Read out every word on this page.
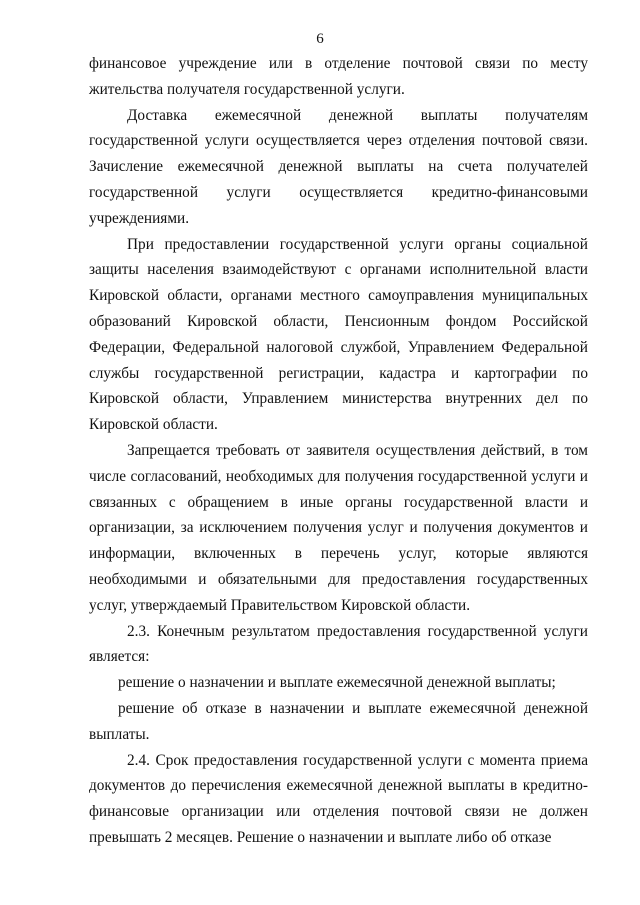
6

финансовое учреждение или в отделение почтовой связи по месту жительства получателя государственной услуги.

Доставка ежемесячной денежной выплаты получателям государственной услуги осуществляется через отделения почтовой связи. Зачисление ежемесячной денежной выплаты на счета получателей государственной услуги осуществляется кредитно-финансовыми учреждениями.

При предоставлении государственной услуги органы социальной защиты населения взаимодействуют с органами исполнительной власти Кировской области, органами местного самоуправления муниципальных образований Кировской области, Пенсионным фондом Российской Федерации, Федеральной налоговой службой, Управлением Федеральной службы государственной регистрации, кадастра и картографии по Кировской области, Управлением министерства внутренних дел по Кировской области.

Запрещается требовать от заявителя осуществления действий, в том числе согласований, необходимых для получения государственной услуги и связанных с обращением в иные органы государственной власти и организации, за исключением получения услуг и получения документов и информации, включенных в перечень услуг, которые являются необходимыми и обязательными для предоставления государственных услуг, утверждаемый Правительством Кировской области.

2.3. Конечным результатом предоставления государственной услуги является:

решение о назначении и выплате ежемесячной денежной выплаты;

решение об отказе в назначении и выплате ежемесячной денежной выплаты.

2.4. Срок предоставления государственной услуги с момента приема документов до перечисления ежемесячной денежной выплаты в кредитно-финансовые организации или отделения почтовой связи не должен превышать 2 месяцев. Решение о назначении и выплате либо об отказе
